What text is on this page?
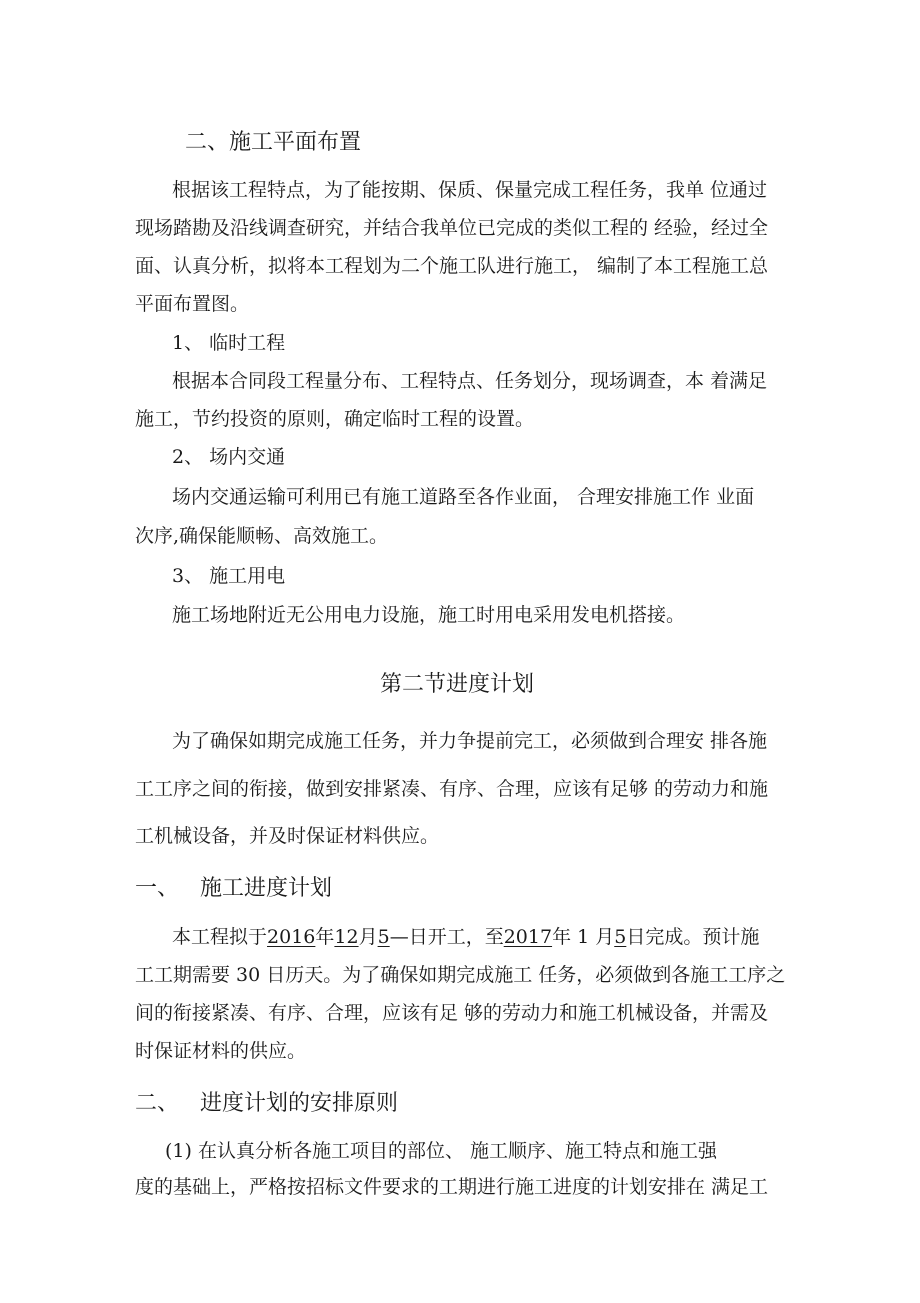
二、施工平面布置
根据该工程特点，为了能按期、保质、保量完成工程任务，我单 位通过
现场踏勘及沿线调查研究，并结合我单位已完成的类似工程的 经验，经过全
面、认真分析，拟将本工程划为二个施工队进行施工， 编制了本工程施工总
平面布置图。
1、 临时工程
根据本合同段工程量分布、工程特点、任务划分，现场调查，本 着满足
施工，节约投资的原则，确定临时工程的设置。
2、 场内交通
场内交通运输可利用已有施工道路至各作业面， 合理安排施工作 业面
次序,确保能顺畅、高效施工。
3、 施工用电
施工场地附近无公用电力设施，施工时用电采用发电机搭接。
第二节进度计划
为了确保如期完成施工任务，并力争提前完工，必须做到合理安 排各施
工工序之间的衔接，做到安排紧凑、有序、合理，应该有足够 的劳动力和施
工机械设备，并及时保证材料供应。
一、 施工进度计划
本工程拟于2016年12月5—日开工，至2017年 1 月5日完成。预计施
工工期需要 30 日历天。为了确保如期完成施工 任务，必须做到各施工工序之
间的衔接紧凑、有序、合理，应该有足 够的劳动力和施工机械设备，并需及
时保证材料的供应。
二、 进度计划的安排原则
(1) 在认真分析各施工项目的部位、 施工顺序、施工特点和施工强
度的基础上，严格按招标文件要求的工期进行施工进度的计划安排在 满足工
